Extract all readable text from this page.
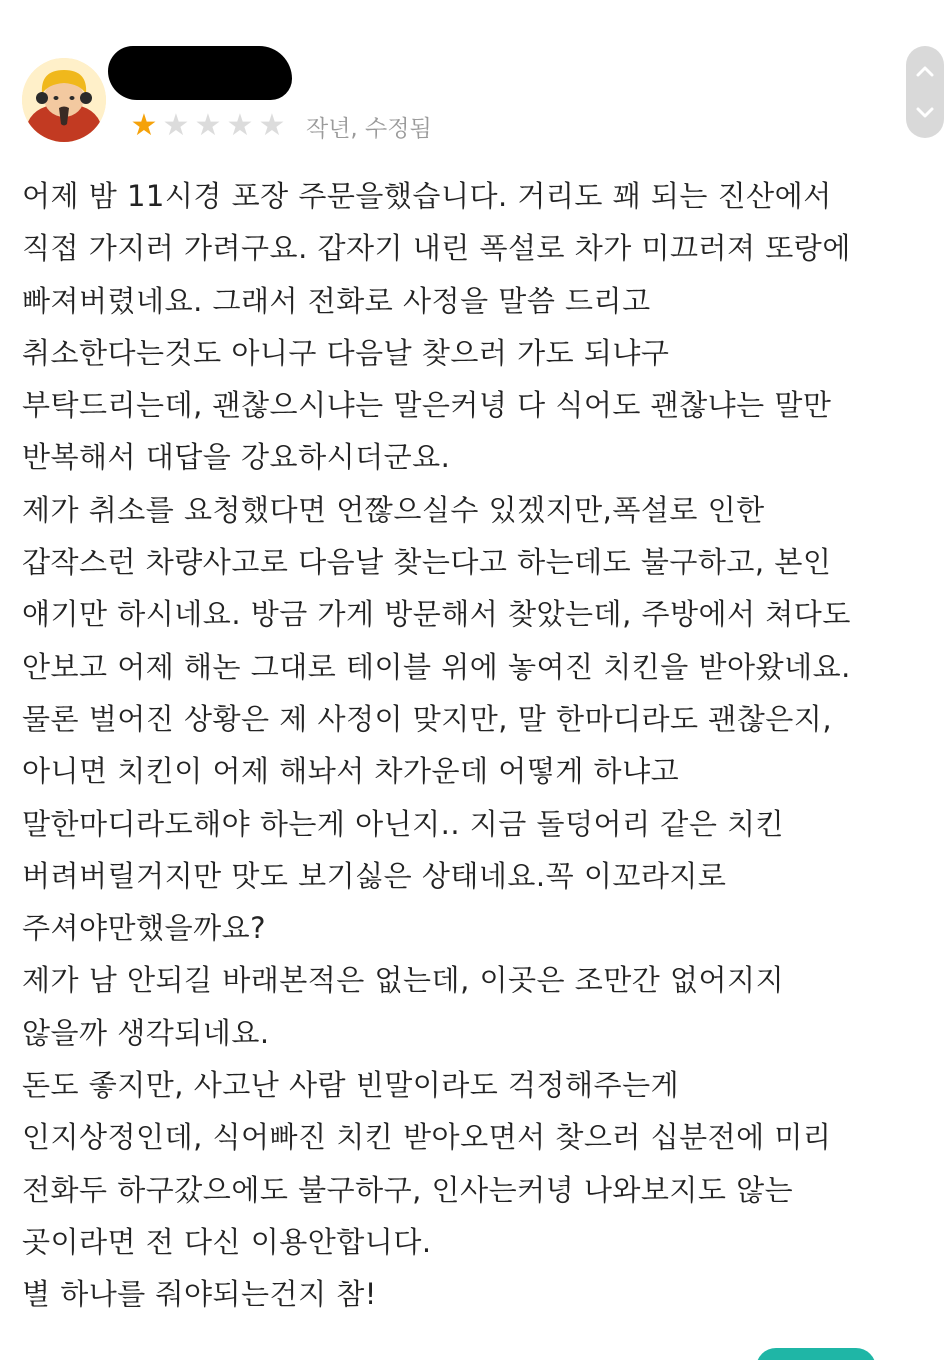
★ ★ ★ ★ ★ 작년, 수정됨
어제 밤 11시경 포장 주문을했습니다. 거리도 꽤 되는 진산에서
직접 가지러 가려구요. 갑자기 내린 폭설로 차가 미끄러져 또랑에
빠져버렸네요. 그래서 전화로 사정을 말씀 드리고
취소한다는것도 아니구 다음날 찾으러 가도 되냐구
부탁드리는데, 괜찮으시냐는 말은커녕 다 식어도 괜찮냐는 말만
반복해서 대답을 강요하시더군요.
제가 취소를 요청했다면 언짢으실수 있겠지만,폭설로 인한
갑작스런 차량사고로 다음날 찾는다고 하는데도 불구하고, 본인
얘기만 하시네요. 방금 가게 방문해서 찾았는데, 주방에서 쳐다도
안보고 어제 해논 그대로 테이블 위에 놓여진 치킨을 받아왔네요.
물론 벌어진 상황은 제 사정이 맞지만, 말 한마디라도 괜찮은지,
아니면 치킨이 어제 해놔서 차가운데 어떻게 하냐고
말한마디라도해야 하는게 아닌지.. 지금 돌덩어리 같은 치킨
버려버릴거지만 맛도 보기싫은 상태네요.꼭 이꼬라지로
주셔야만했을까요?
제가 남 안되길 바래본적은 없는데, 이곳은 조만간 없어지지
않을까 생각되네요.
돈도 좋지만, 사고난 사람 빈말이라도 걱정해주는게
인지상정인데, 식어빠진 치킨 받아오면서 찾으러 십분전에 미리
전화두 하구갔으에도 불구하구, 인사는커녕 나와보지도 않는
곳이라면 전 다신 이용안합니다.
별 하나를 줘야되는건지 참!
